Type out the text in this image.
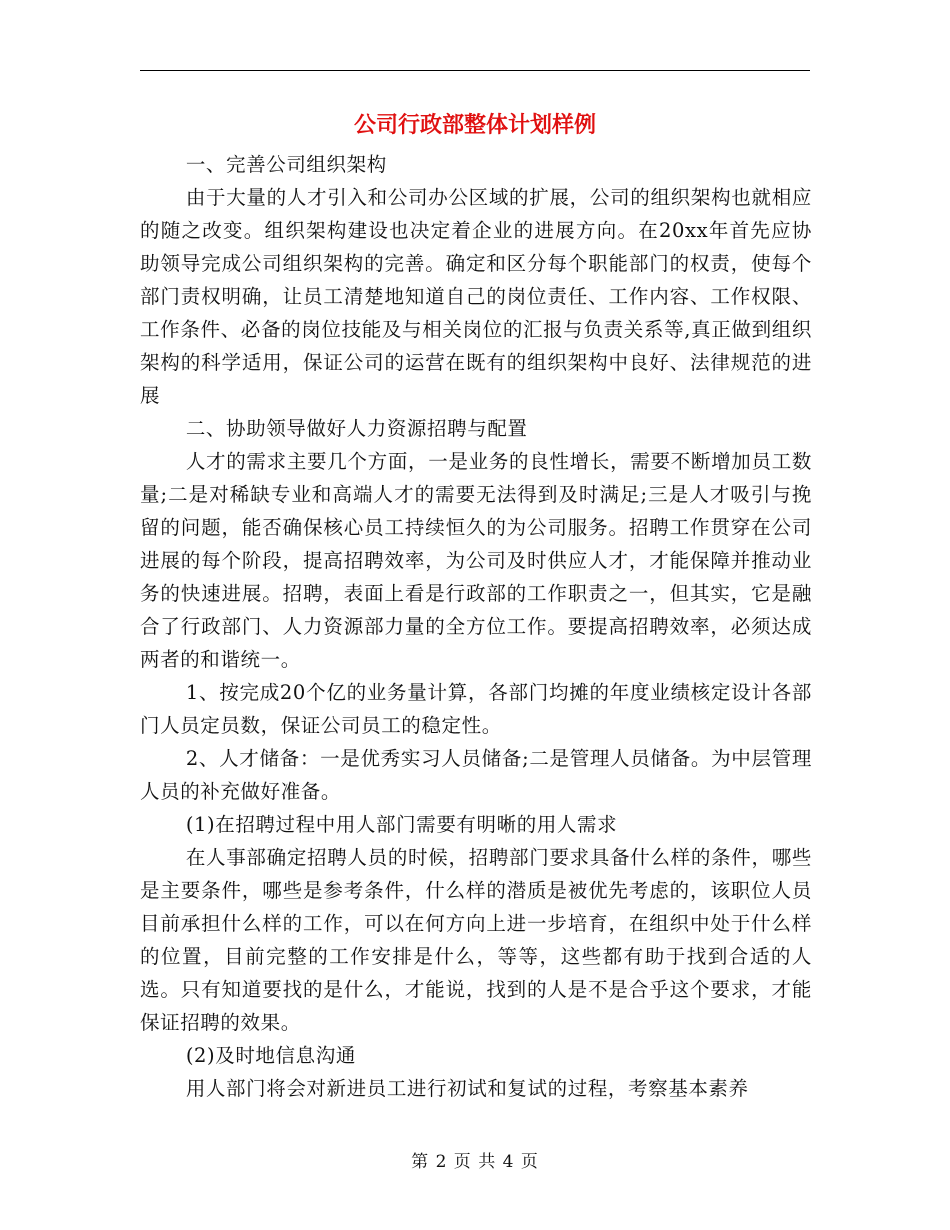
公司行政部整体计划样例

一、完善公司组织架构

由于大量的人才引入和公司办公区域的扩展，公司的组织架构也就相应的随之改变。组织架构建设也决定着企业的进展方向。在20xx年首先应协助领导完成公司组织架构的完善。确定和区分每个职能部门的权责，使每个部门责权明确，让员工清楚地知道自己的岗位责任、工作内容、工作权限、工作条件、必备的岗位技能及与相关岗位的汇报与负责关系等,真正做到组织架构的科学适用，保证公司的运营在既有的组织架构中良好、法律规范的进展

二、协助领导做好人力资源招聘与配置

人才的需求主要几个方面，一是业务的良性增长，需要不断增加员工数量;二是对稀缺专业和高端人才的需要无法得到及时满足;三是人才吸引与挽留的问题，能否确保核心员工持续恒久的为公司服务。招聘工作贯穿在公司进展的每个阶段，提高招聘效率，为公司及时供应人才，才能保障并推动业务的快速进展。招聘，表面上看是行政部的工作职责之一，但其实，它是融合了行政部门、人力资源部力量的全方位工作。要提高招聘效率，必须达成两者的和谐统一。

1、按完成20个亿的业务量计算，各部门均摊的年度业绩核定设计各部门人员定员数，保证公司员工的稳定性。

2、人才储备：一是优秀实习人员储备;二是管理人员储备。为中层管理人员的补充做好准备。

(1)在招聘过程中用人部门需要有明晰的用人需求

在人事部确定招聘人员的时候，招聘部门要求具备什么样的条件，哪些是主要条件，哪些是参考条件，什么样的潜质是被优先考虑的，该职位人员目前承担什么样的工作，可以在何方向上进一步培育，在组织中处于什么样的位置，目前完整的工作安排是什么，等等，这些都有助于找到合适的人选。只有知道要找的是什么，才能说，找到的人是不是合乎这个要求，才能保证招聘的效果。

(2)及时地信息沟通

用人部门将会对新进员工进行初试和复试的过程，考察基本素养

第 2 页 共 4 页
